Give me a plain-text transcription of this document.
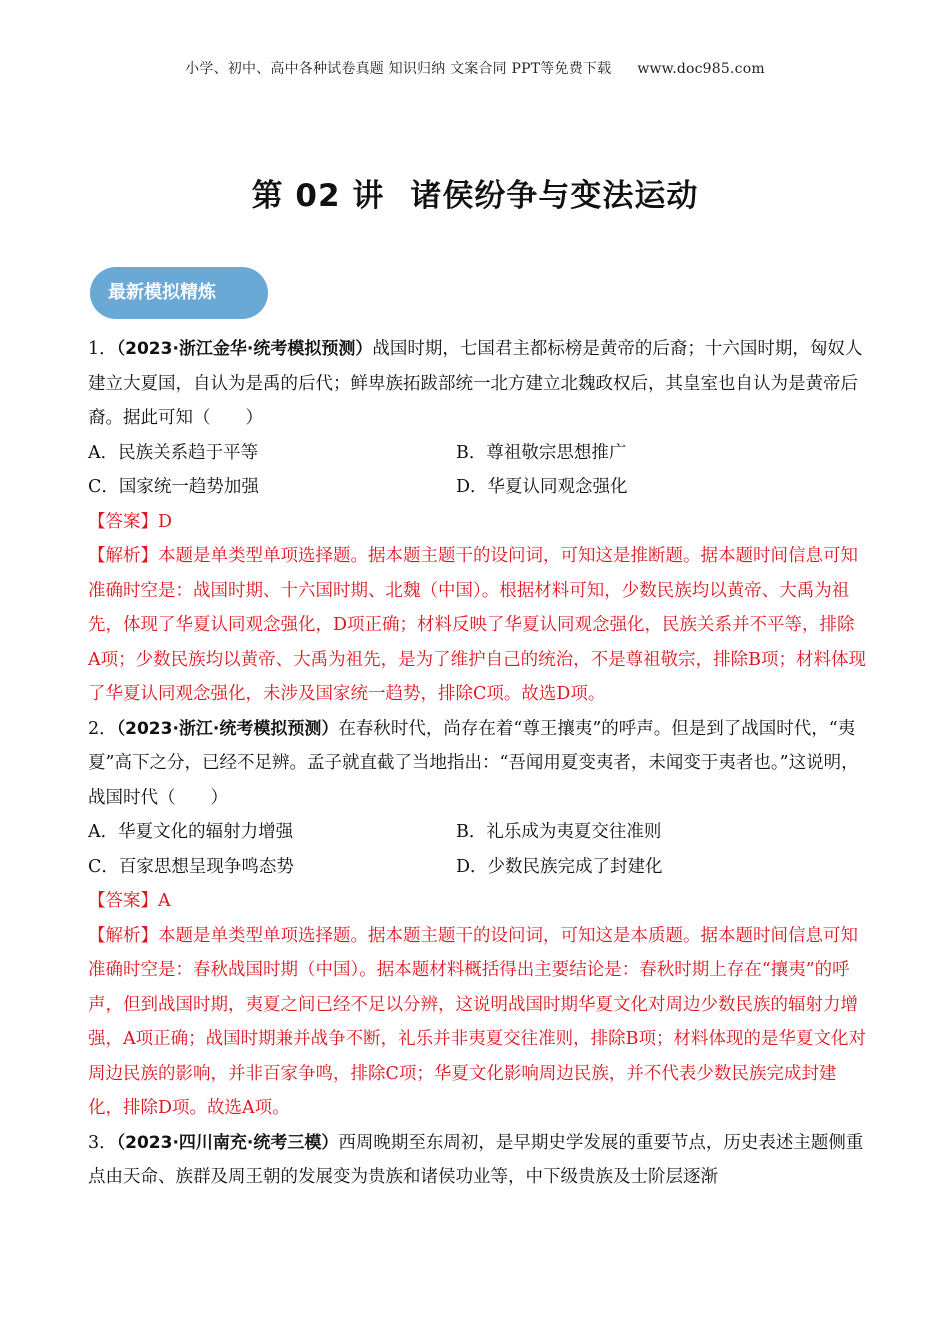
小学、初中、高中各种试卷真题 知识归纳 文案合同 PPT等免费下载 www.doc985.com
第 02 讲 诸侯纷争与变法运动
最新模拟精炼

1．（2023·浙江金华·统考模拟预测）战国时期，七国君主都标榜是黄帝的后裔；十六国时期，匈奴人建立大夏国，自认为是禹的后代；鲜卑族拓跋部统一北方建立北魏政权后，其皇室也自认为是黄帝后裔。据此可知（　　）

A．民族关系趋于平等	B．尊祖敬宗思想推广
C．国家统一趋势加强	D．华夏认同观念强化

【答案】D

【解析】本题是单类型单项选择题。据本题主题干的设问词，可知这是推断题。据本题时间信息可知准确时空是：战国时期、十六国时期、北魏（中国）。根据材料可知，少数民族均以黄帝、大禹为祖先，体现了华夏认同观念强化，D项正确；材料反映了华夏认同观念强化，民族关系并不平等，排除A项；少数民族均以黄帝、大禹为祖先，是为了维护自己的统治，不是尊祖敬宗，排除B项；材料体现了华夏认同观念强化，未涉及国家统一趋势，排除C项。故选D项。

2．（2023·浙江·统考模拟预测）在春秋时代，尚存在着“尊王攘夷”的呼声。但是到了战国时代，“夷夏”高下之分，已经不足辨。孟子就直截了当地指出：“吾闻用夏变夷者，未闻变于夷者也。”这说明，战国时代（　　）

A．华夏文化的辐射力增强	B．礼乐成为夷夏交往准则
C．百家思想呈现争鸣态势	D．少数民族完成了封建化

【答案】A

【解析】本题是单类型单项选择题。据本题主题干的设问词，可知这是本质题。据本题时间信息可知准确时空是：春秋战国时期（中国）。据本题材料概括得出主要结论是：春秋时期上存在“攘夷”的呼声，但到战国时期，夷夏之间已经不足以分辨，这说明战国时期华夏文化对周边少数民族的辐射力增强，A项正确；战国时期兼并战争不断，礼乐并非夷夏交往准则，排除B项；材料体现的是华夏文化对周边民族的影响，并非百家争鸣，排除C项；华夏文化影响周边民族，并不代表少数民族完成封建化，排除D项。故选A项。

3．（2023·四川南充·统考三模）西周晚期至东周初，是早期史学发展的重要节点，历史表述主题侧重点由天命、族群及周王朝的发展变为贵族和诸侯功业等，中下级贵族及士阶层逐渐
